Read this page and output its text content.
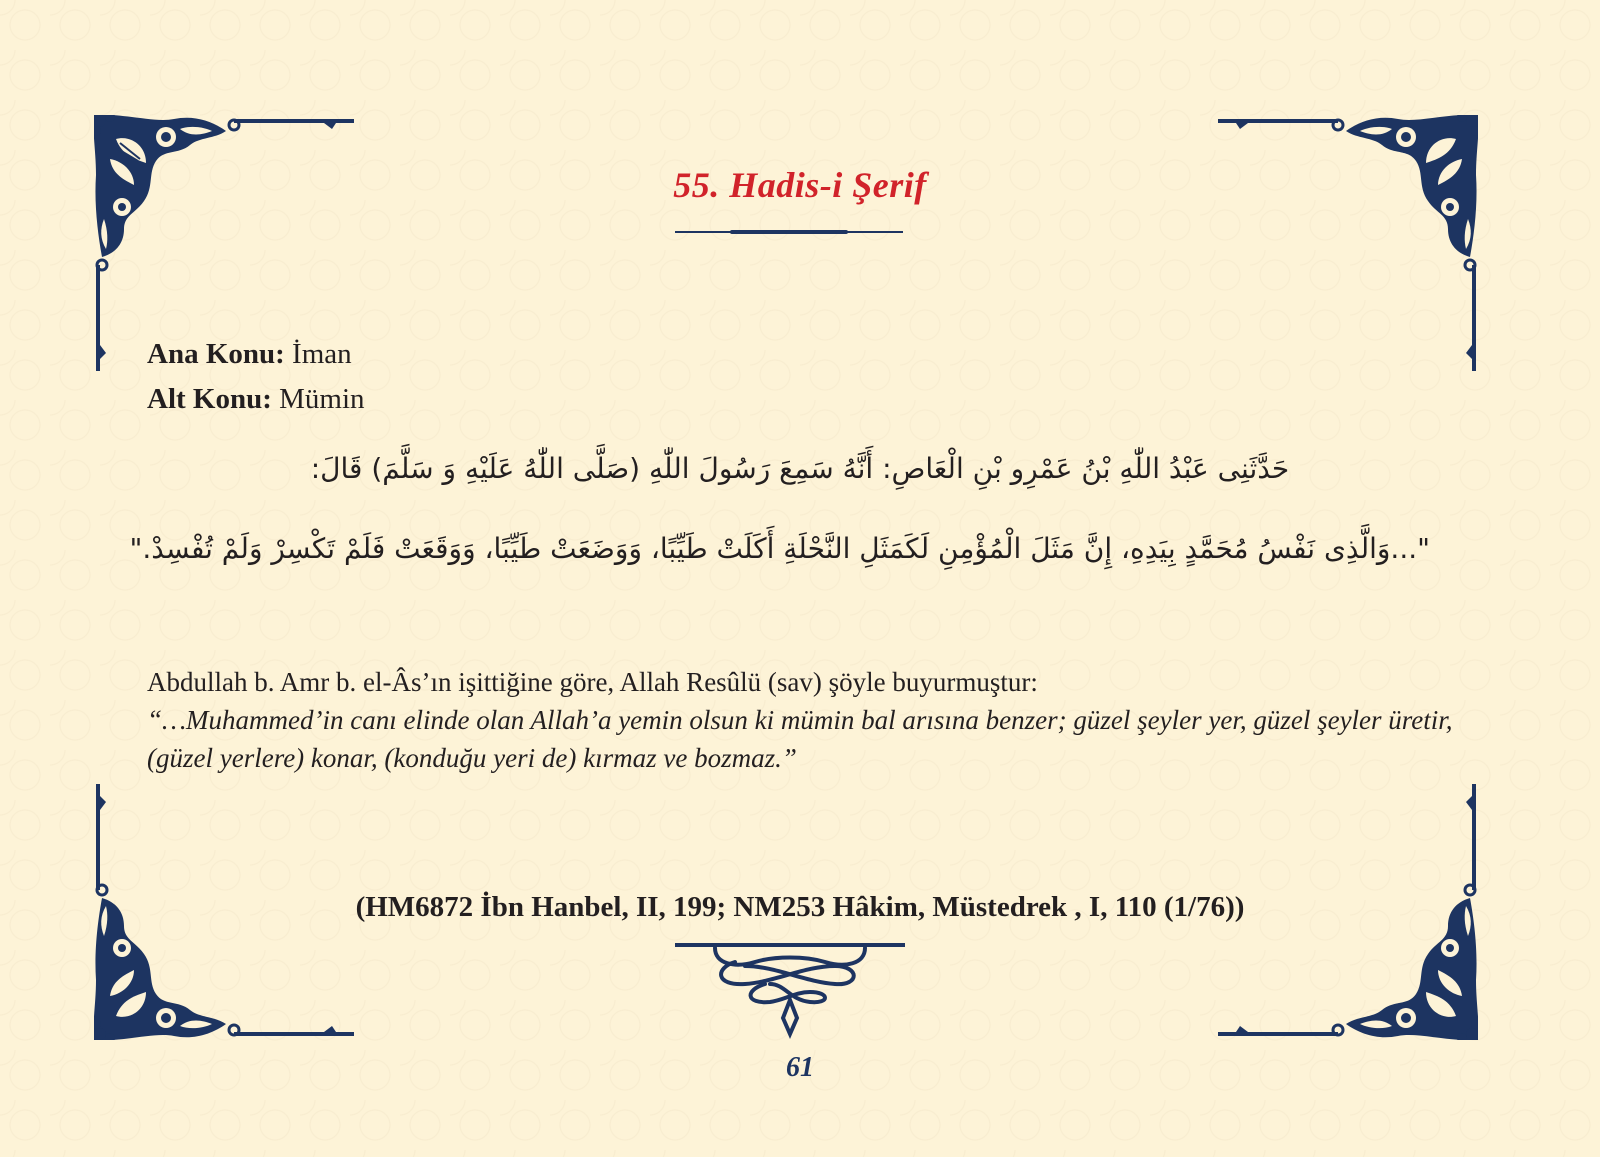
55. Hadis-i Şerif
Ana Konu: İman
Alt Konu: Mümin
حَدَّثَنِى عَبْدُ اللّٰهِ بْنُ عَمْرِو بْنِ الْعَاصِ: أَنَّهُ سَمِعَ رَسُولَ اللّٰهِ (صَلَّى اللّٰهُ عَلَيْهِ وَ سَلَّمَ) قَالَ:
"...وَالَّذِى نَفْسُ مُحَمَّدٍ بِيَدِهِ، إِنَّ مَثَلَ الْمُؤْمِنِ لَكَمَثَلِ النَّحْلَةِ أَكَلَتْ طَيِّبًا، وَوَضَعَتْ طَيِّبًا، وَوَقَعَتْ فَلَمْ تَكْسِرْ وَلَمْ تُفْسِدْ."
Abdullah b. Amr b. el-Âs’ın işittiğine göre, Allah Resûlü (sav) şöyle buyurmuştur:
“…Muhammed’in canı elinde olan Allah’a yemin olsun ki mümin bal arısına benzer; güzel şeyler yer, güzel şeyler üretir, (güzel yerlere) konar, (konduğu yeri de) kırmaz ve bozmaz.”
(HM6872 İbn Hanbel, II, 199; NM253 Hâkim, Müstedrek , I, 110 (1/76))
61
